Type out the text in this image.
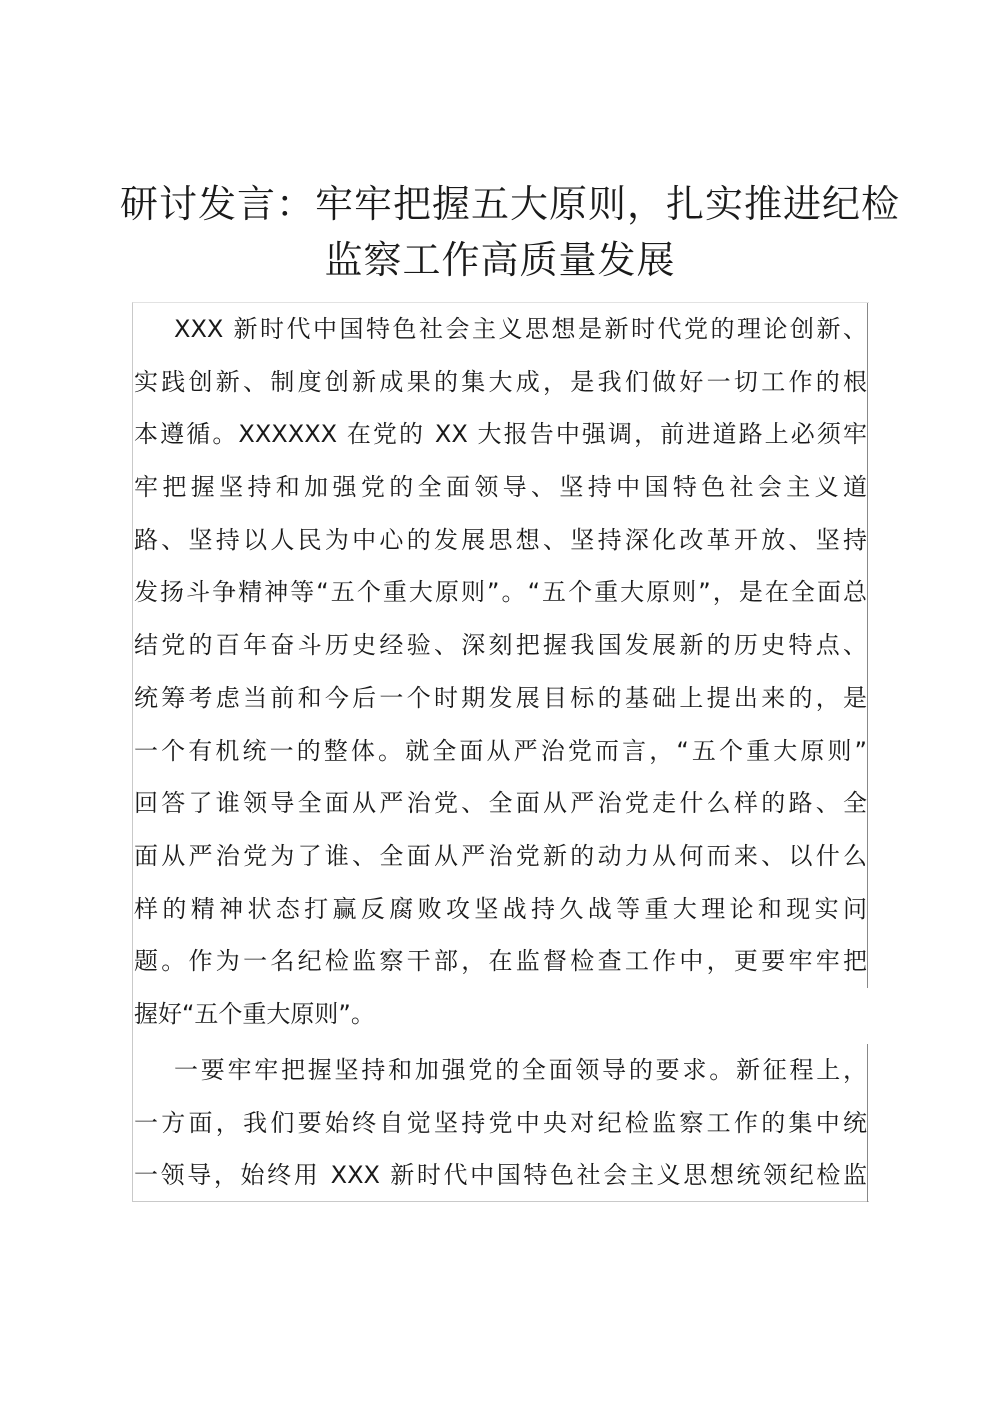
研讨发言：牢牢把握五大原则，扎实推进纪检
监察工作高质量发展
XXX 新时代中国特色社会主义思想是新时代党的理论创新、
实践创新、制度创新成果的集大成，是我们做好一切工作的根
本遵循。XXXXXX 在党的 XX 大报告中强调，前进道路上必须牢
牢把握坚持和加强党的全面领导、坚持中国特色社会主义道
路、坚持以人民为中心的发展思想、坚持深化改革开放、坚持
发扬斗争精神等“五个重大原则”。“五个重大原则”，是在全面总
结党的百年奋斗历史经验、深刻把握我国发展新的历史特点、
统筹考虑当前和今后一个时期发展目标的基础上提出来的，是
一个有机统一的整体。就全面从严治党而言，“五个重大原则”
回答了谁领导全面从严治党、全面从严治党走什么样的路、全
面从严治党为了谁、全面从严治党新的动力从何而来、以什么
样的精神状态打赢反腐败攻坚战持久战等重大理论和现实问
题。作为一名纪检监察干部，在监督检查工作中，更要牢牢把
握好“五个重大原则”。
一要牢牢把握坚持和加强党的全面领导的要求。新征程上，
一方面，我们要始终自觉坚持党中央对纪检监察工作的集中统
一领导，始终用 XXX 新时代中国特色社会主义思想统领纪检监
